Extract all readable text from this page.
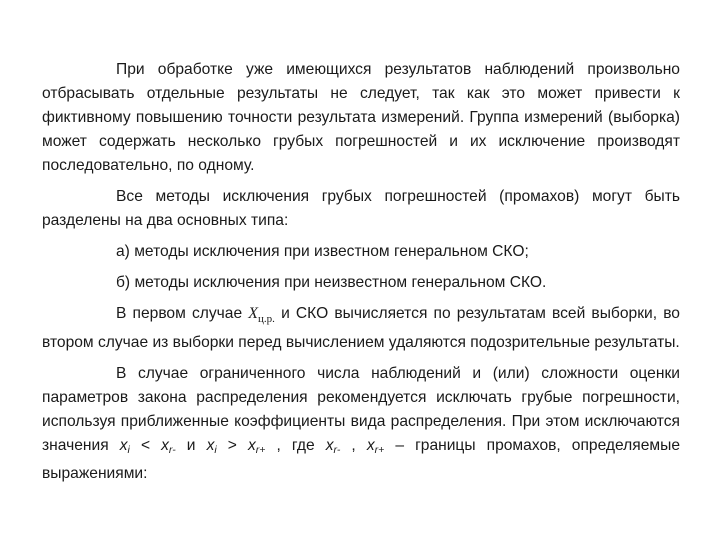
При обработке уже имеющихся результатов наблюдений произвольно отбрасывать отдельные результаты не следует, так как это может привести к фиктивному повышению точности результата измерений. Группа измерений (выборка) может содержать несколько грубых погрешностей и их исключение производят последовательно, по одному.

Все методы исключения грубых погрешностей (промахов) могут быть разделены на два основных типа:

а) методы исключения при известном генеральном СКО;

б) методы исключения при неизвестном генеральном СКО.

В первом случае $X_{ц.р.}$ и СКО вычисляется по результатам всей выборки, во втором случае из выборки перед вычислением удаляются подозрительные результаты.

В случае ограниченного числа наблюдений и (или) сложности оценки параметров закона распределения рекомендуется исключать грубые погрешности, используя приближенные коэффициенты вида распределения. При этом исключаются значения $x_i < x_{r-}$ и $x_i > x_{r+}$ , где $x_{r-}$ , $x_{r+}$ – границы промахов, определяемые выражениями:
